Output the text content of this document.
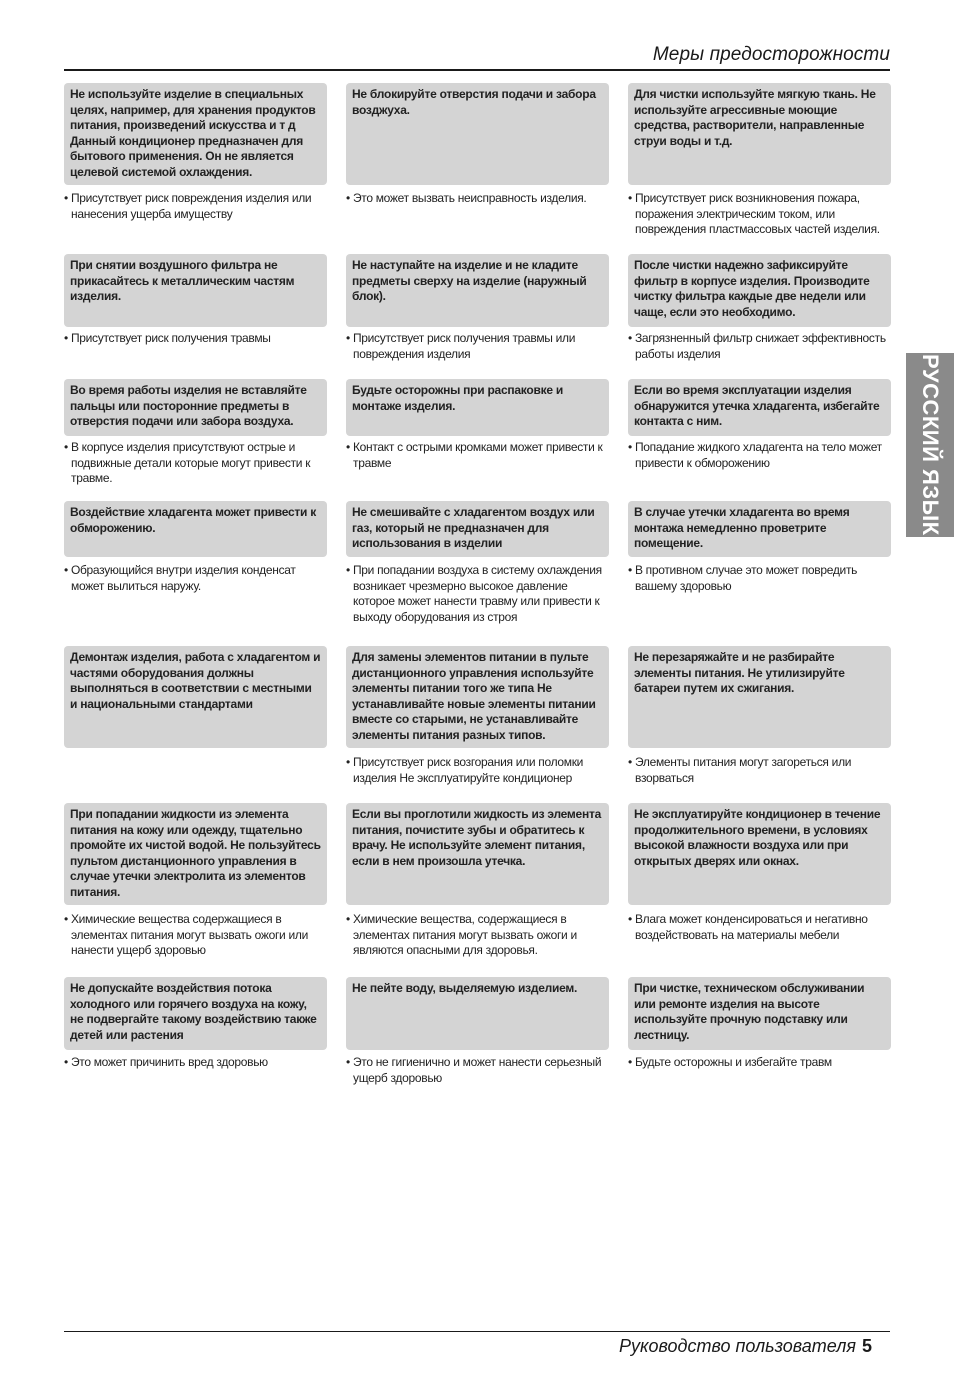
Меры предосторожности
РУССКИЙ ЯЗЫК
Не используйте изделие в специальных целях, например, для хранения продуктов питания, произведений искусства и т д Данный кондиционер предназначен для бытового применения. Он не является целевой системой охлаждения.
• Присутствует риск повреждения изделия или нанесения ущерба имуществу
Не блокируйте отверстия подачи и забора возджуха.
• Это может вызвать неисправность изделия.
Для чистки используйте мягкую ткань. Не используйте агрессивные моющие средства, растворители, направленные струи воды и т.д.
• Присутствует риск возникновения пожара, поражения электрическим током, или повреждения пластмассовых частей изделия.
При снятии воздушного фильтра не прикасайтесь к металлическим частям изделия.
• Присутствует риск получения травмы
Не наступайте на изделие и не кладите предметы сверху на изделие (наружный блок).
• Присутствует риск получения травмы или повреждения изделия
После чистки надежно зафиксируйте фильтр в корпусе изделия. Производите чистку фильтра каждые две недели или чаще, если это необходимо.
• Загрязненный фильтр снижает эффективность работы изделия
Во время работы изделия не вставляйте пальцы или посторонние предметы в отверстия подачи или забора воздуха.
• В корпусе изделия присутствуют острые и подвижные детали которые могут привести к травме.
Будьте осторожны при распаковке и монтаже изделия.
• Контакт с острыми кромками может привести к травме
Если во время эксплуатации изделия обнаружится утечка хладагента, избегайте контакта с ним.
• Попадание жидкого хладагента на тело может привести к обморожению
Воздействие хладагента может привести к обморожению.
• Образующийся внутри изделия конденсат может вылиться наружу.
Не смешивайте с хладагентом воздух или газ, который не предназначен для использования в изделии
• При попадании воздуха в систему охлаждения возникает чрезмерно высокое давление которое может нанести травму или привести к выходу оборудования из строя
В случае утечки хладагента во время монтажа немедленно проветрите помещение.
• В противном случае это может повредить вашему здоровью
Демонтаж изделия, работа с хладагентом и частями оборудования должны выполняться в соответствии с местными и национальными стандартами
Для замены элементов питании в пульте дистанционного управления используйте элементы питании того же типа Не устанавливайте новые элементы питании вместе со старыми, не устанавливайте элементы питания разных типов.
• Присутствует риск возгорания или поломки изделия Не эксплуатируйте кондиционер
Не перезаряжайте и не разбирайте элементы питания. Не утилизируйте батареи путем их сжигания.
• Элементы питания могут загореться или взорваться
При попадании жидкости из элемента питания на кожу или одежду, тщательно промойте их чистой водой. Не пользуйтесь пультом дистанционного управления в случае утечки электролита из элементов питания.
• Химические вещества содержащиеся в элементах питания могут вызвать ожоги или нанести ущерб здоровью
Если вы проглотили жидкость из элемента питания, почистите зубы и обратитесь к врачу. Не используйте элемент питания, если в нем произошла утечка.
• Химические вещества, содержащиеся в элементах питания могут вызвать ожоги и являются опасными для здоровья.
Не эксплуатируйте кондиционер в течение продолжительного времени, в условиях высокой влажности воздуха или при открытых дверях или окнах.
• Влага может конденсироваться и негативно воздействовать на материалы мебели
Не допускайте воздействия потока холодного или горячего воздуха на кожу, не подвергайте такому воздействию также детей или растения
• Это может причинить вред здоровью
Не пейте воду, выделяемую изделием.
• Это не гигиенично и может нанести серьезный ущерб здоровью
При чистке, техническом обслуживании или ремонте изделия на высоте используйте прочную подставку или лестницу.
• Будьте осторожны и избегайте травм
Руководство пользователя 5
